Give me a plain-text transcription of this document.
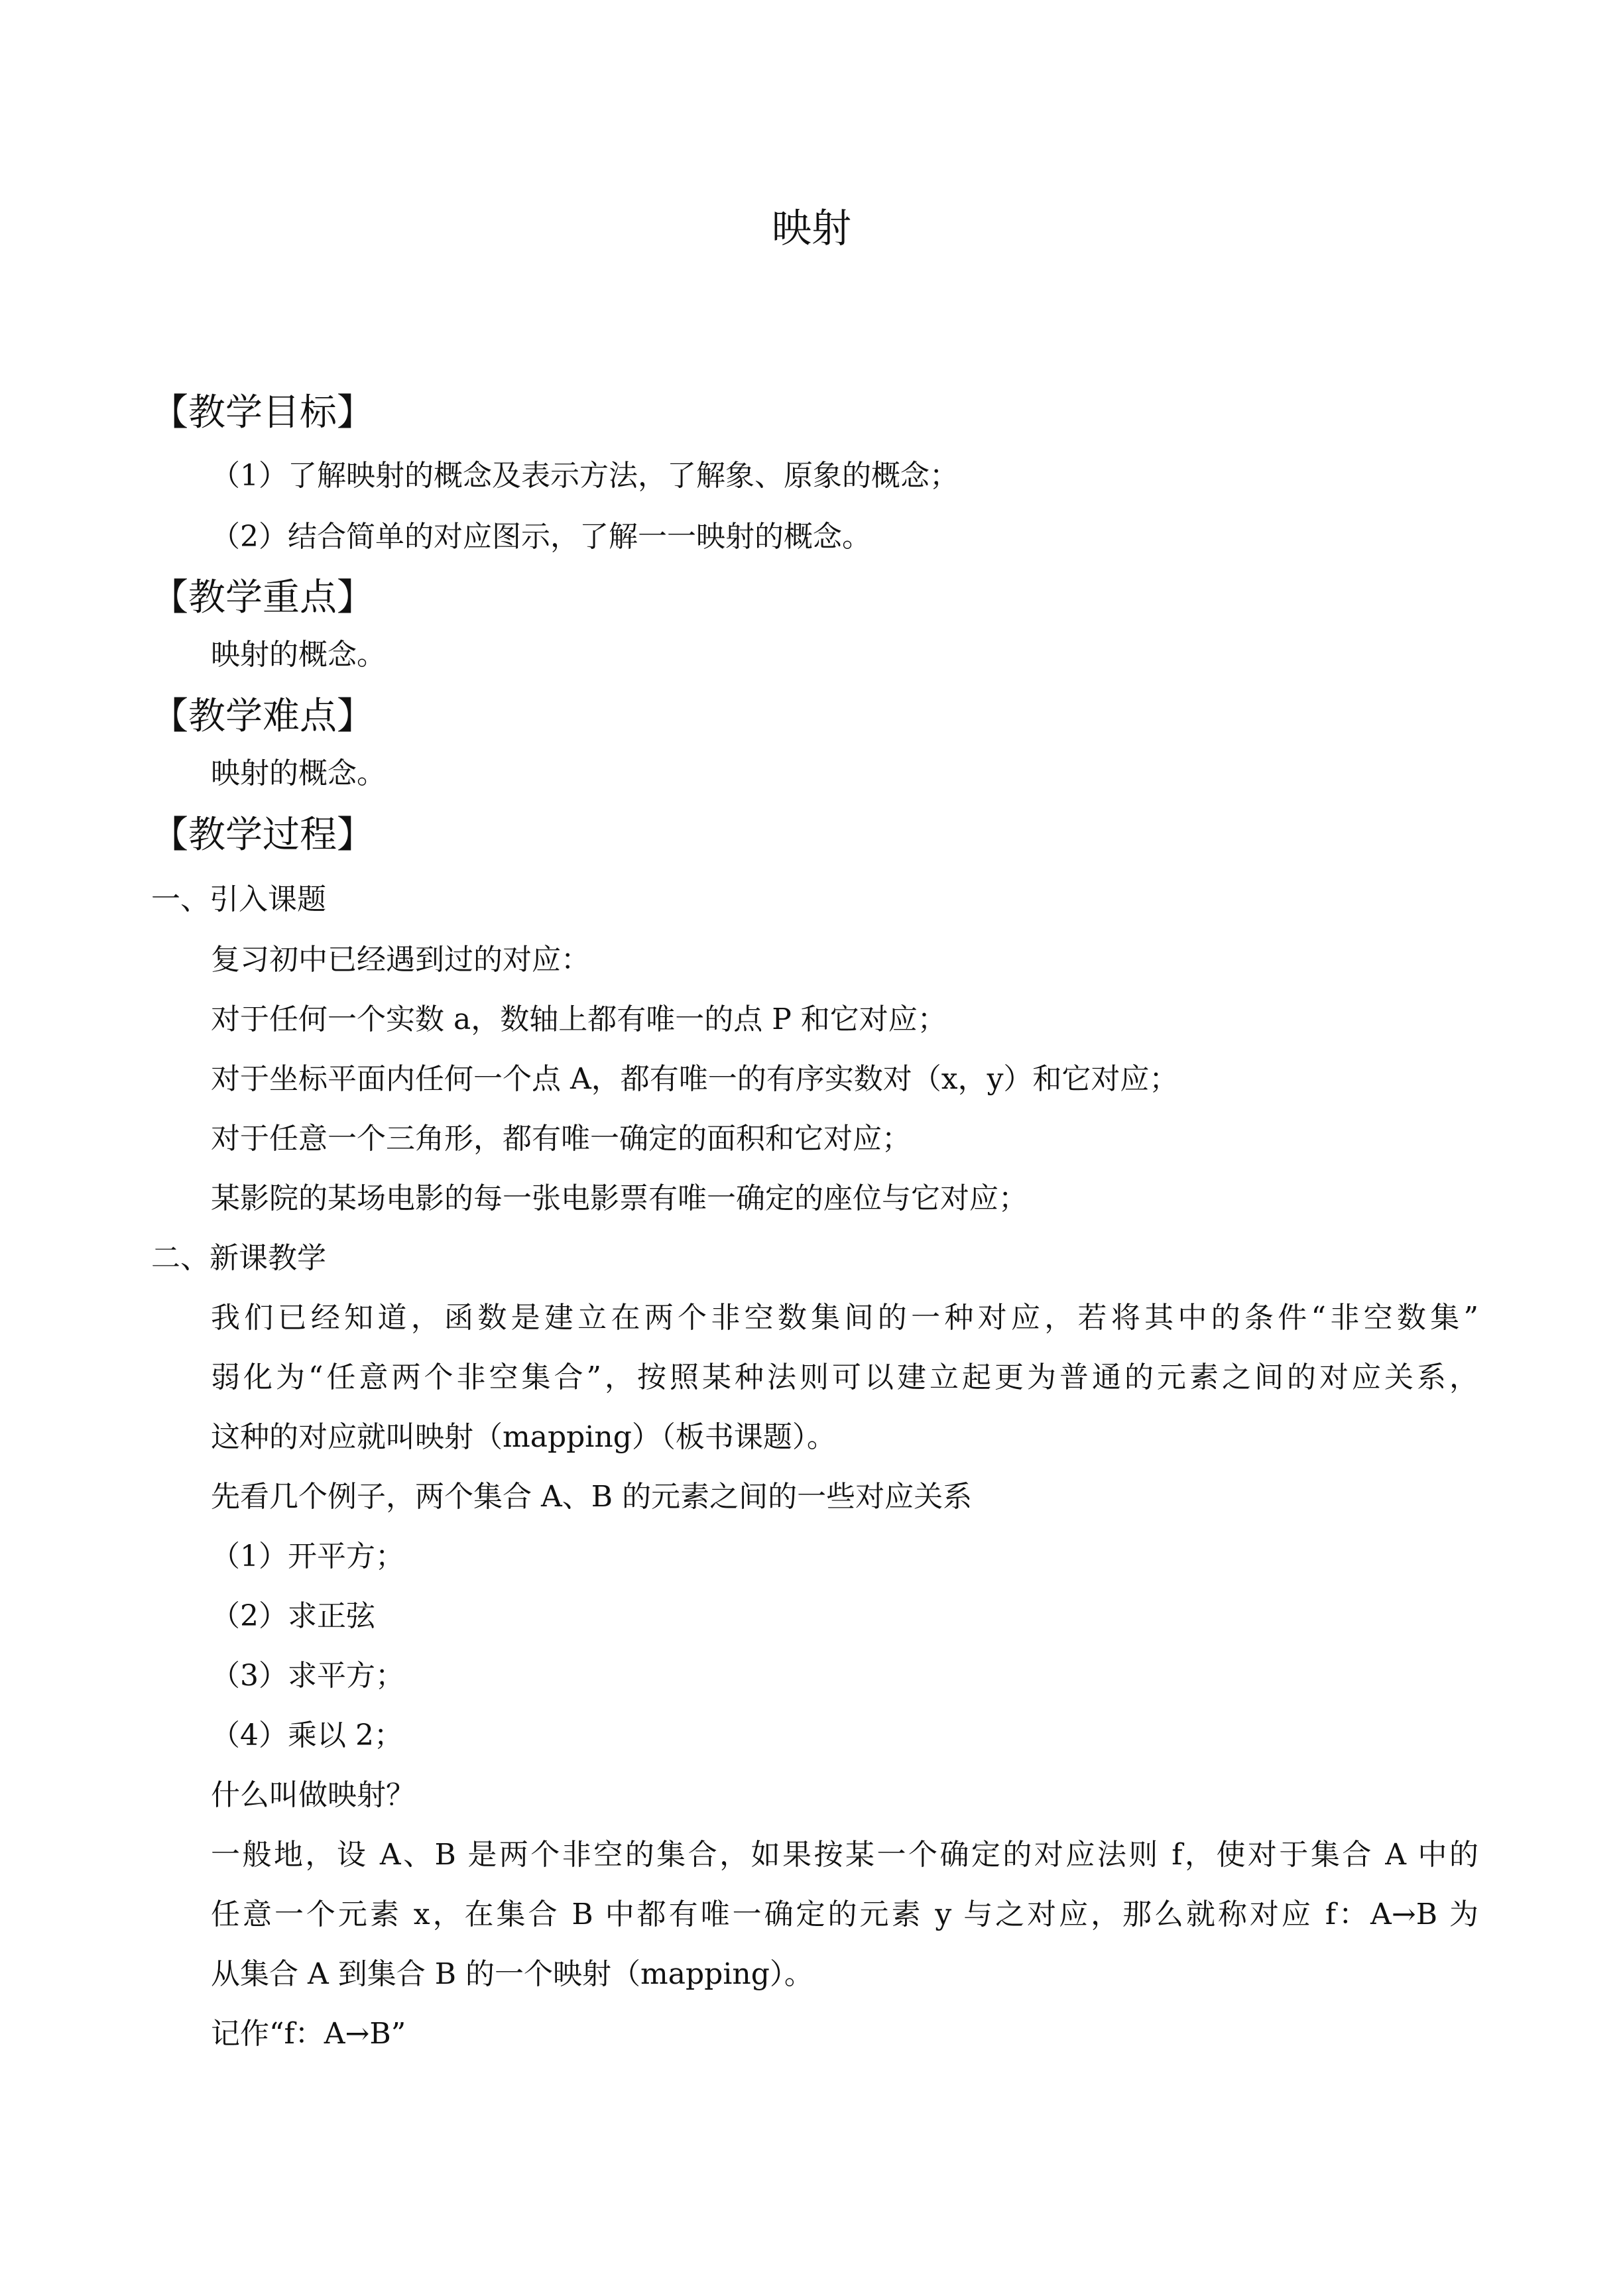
映射
【教学目标】
（1）了解映射的概念及表示方法，了解象、原象的概念；
（2）结合简单的对应图示，了解一一映射的概念。
【教学重点】
映射的概念。
【教学难点】
映射的概念。
【教学过程】
一、引入课题
复习初中已经遇到过的对应：
对于任何一个实数 a，数轴上都有唯一的点 P 和它对应；
对于坐标平面内任何一个点 A，都有唯一的有序实数对（x，y）和它对应；
对于任意一个三角形，都有唯一确定的面积和它对应；
某影院的某场电影的每一张电影票有唯一确定的座位与它对应；
二、新课教学
我们已经知道，函数是建立在两个非空数集间的一种对应，若将其中的条件“非空数集”
弱化为“任意两个非空集合”，按照某种法则可以建立起更为普通的元素之间的对应关系，
这种的对应就叫映射（mapping）（板书课题）。
先看几个例子，两个集合 A、B 的元素之间的一些对应关系
（1）开平方；
（2）求正弦
（3）求平方；
（4）乘以 2；
什么叫做映射？
一般地，设 A、B 是两个非空的集合，如果按某一个确定的对应法则 f，使对于集合 A 中的
任意一个元素 x，在集合 B 中都有唯一确定的元素 y 与之对应，那么就称对应 f：A→B 为
从集合 A 到集合 B 的一个映射（mapping）。
记作“f：A→B”
